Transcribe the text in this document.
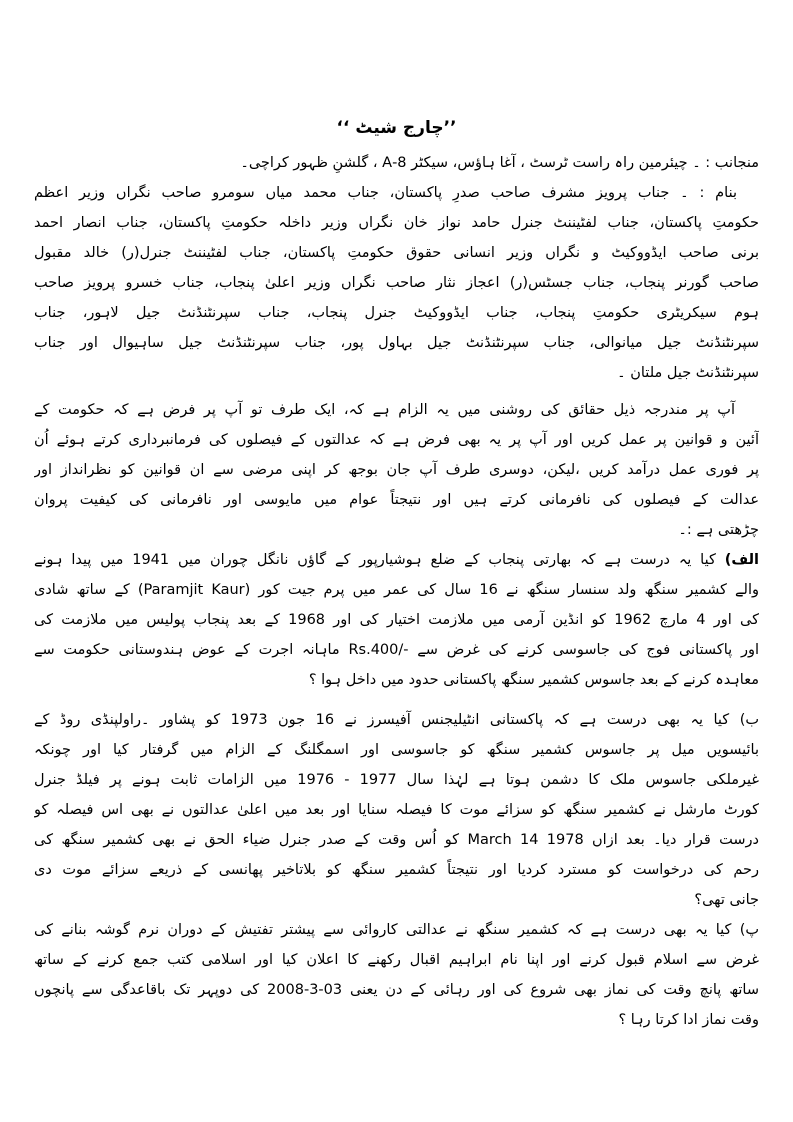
’’چارج شیٹ ‘‘
منجانب : ۔ چیئرمین راہ راست ٹرسٹ ، آغا ہاؤس، سیکٹر 8-A ، گلشنِ ظہور کراچی۔
بنام : ۔ جناب پرویز مشرف صاحب صدرِ پاکستان، جناب محمد میاں سومرو صاحب نگراں وزیر اعظم
حکومتِ پاکستان، جناب لفٹیننٹ جنرل حامد نواز خان نگراں وزیر داخلہ حکومتِ پاکستان، جناب انصار احمد
برنی صاحب ایڈووکیٹ و نگراں وزیر انسانی حقوق حکومتِ پاکستان، جناب لفٹیننٹ جنرل(ر) خالد مقبول
صاحب گورنر پنجاب، جناب جسٹس(ر) اعجاز نثار صاحب نگراں وزیر اعلیٰ پنجاب، جناب خسرو پرویز صاحب
ہوم سیکریٹری حکومتِ پنجاب، جناب ایڈووکیٹ جنرل پنجاب، جناب سپرنٹنڈنٹ جیل لاہور، جناب
سپرنٹنڈنٹ جیل میانوالی، جناب سپرنٹنڈنٹ جیل بہاول پور، جناب سپرنٹنڈنٹ جیل ساہیوال اور جناب
سپرنٹنڈنٹ جیل ملتان ۔
آپ پر مندرجہ ذیل حقائق کی روشنی میں یہ الزام ہے کہ، ایک طرف تو آپ پر فرض ہے کہ حکومت کے
آئین و قوانین پر عمل کریں اور آپ پر یہ بھی فرض ہے کہ عدالتوں کے فیصلوں کی فرمانبرداری کرتے ہوئے اُن
پر فوری عمل درآمد کریں ،لیکن، دوسری طرف آپ جان بوجھ کر اپنی مرضی سے ان قوانین کو نظرانداز اور
عدالت کے فیصلوں کی نافرمانی کرتے ہیں اور نتیجتاً عوام میں مایوسی اور نافرمانی کی کیفیت پروان
چڑھتی ہے :۔
الف) کیا یہ درست ہے کہ بھارتی پنجاب کے ضلع ہوشیارپور کے گاؤں نانگل چوران میں 1941 میں پیدا ہونے
والے کشمیر سنگھ ولد سنسار سنگھ نے 16 سال کی عمر میں پرم جیت کور (Paramjit Kaur) کے ساتھ شادی
کی اور 4 مارچ 1962 کو انڈین آرمی میں ملازمت اختیار کی اور 1968 کے بعد پنجاب پولیس میں ملازمت کی
اور پاکستانی فوج کی جاسوسی کرنے کی غرض سے -/Rs.400 ماہانہ اجرت کے عوض ہندوستانی حکومت سے
معاہدہ کرنے کے بعد جاسوس کشمیر سنگھ پاکستانی حدود میں داخل ہوا ؟
ب) کیا یہ بھی درست ہے کہ پاکستانی انٹیلیجنس آفیسرز نے 16 جون 1973 کو پشاور ۔راولپنڈی روڈ کے
بائیسویں میل پر جاسوس کشمیر سنگھ کو جاسوسی اور اسمگلنگ کے الزام میں گرفتار کیا اور چونکہ
غیرملکی جاسوس ملک کا دشمن ہوتا ہے لہٰذا سال 1977 - 1976 میں الزامات ثابت ہونے پر فیلڈ جنرل
کورٹ مارشل نے کشمیر سنگھ کو سزائے موت کا فیصلہ سنایا اور بعد میں اعلیٰ عدالتوں نے بھی اس فیصلہ کو
درست قرار دیا۔ بعد ازاں March 14 1978 کو اُس وقت کے صدر جنرل ضیاء الحق نے بھی کشمیر سنگھ کی
رحم کی درخواست کو مسترد کردیا اور نتیجتاً کشمیر سنگھ کو بلاتاخیر پھانسی کے ذریعے سزائے موت دی
جانی تھی؟
پ) کیا یہ بھی درست ہے کہ کشمیر سنگھ نے عدالتی کاروائی سے پیشتر تفتیش کے دوران نرم گوشہ بنانے کی
غرض سے اسلام قبول کرنے اور اپنا نام ابراہیم اقبال رکھنے کا اعلان کیا اور اسلامی کتب جمع کرنے کے ساتھ
ساتھ پانچ وقت کی نماز بھی شروع کی اور رہائی کے دن یعنی 03-3-2008 کی دوپہر تک باقاعدگی سے پانچوں
وقت نماز ادا کرتا رہا ؟
